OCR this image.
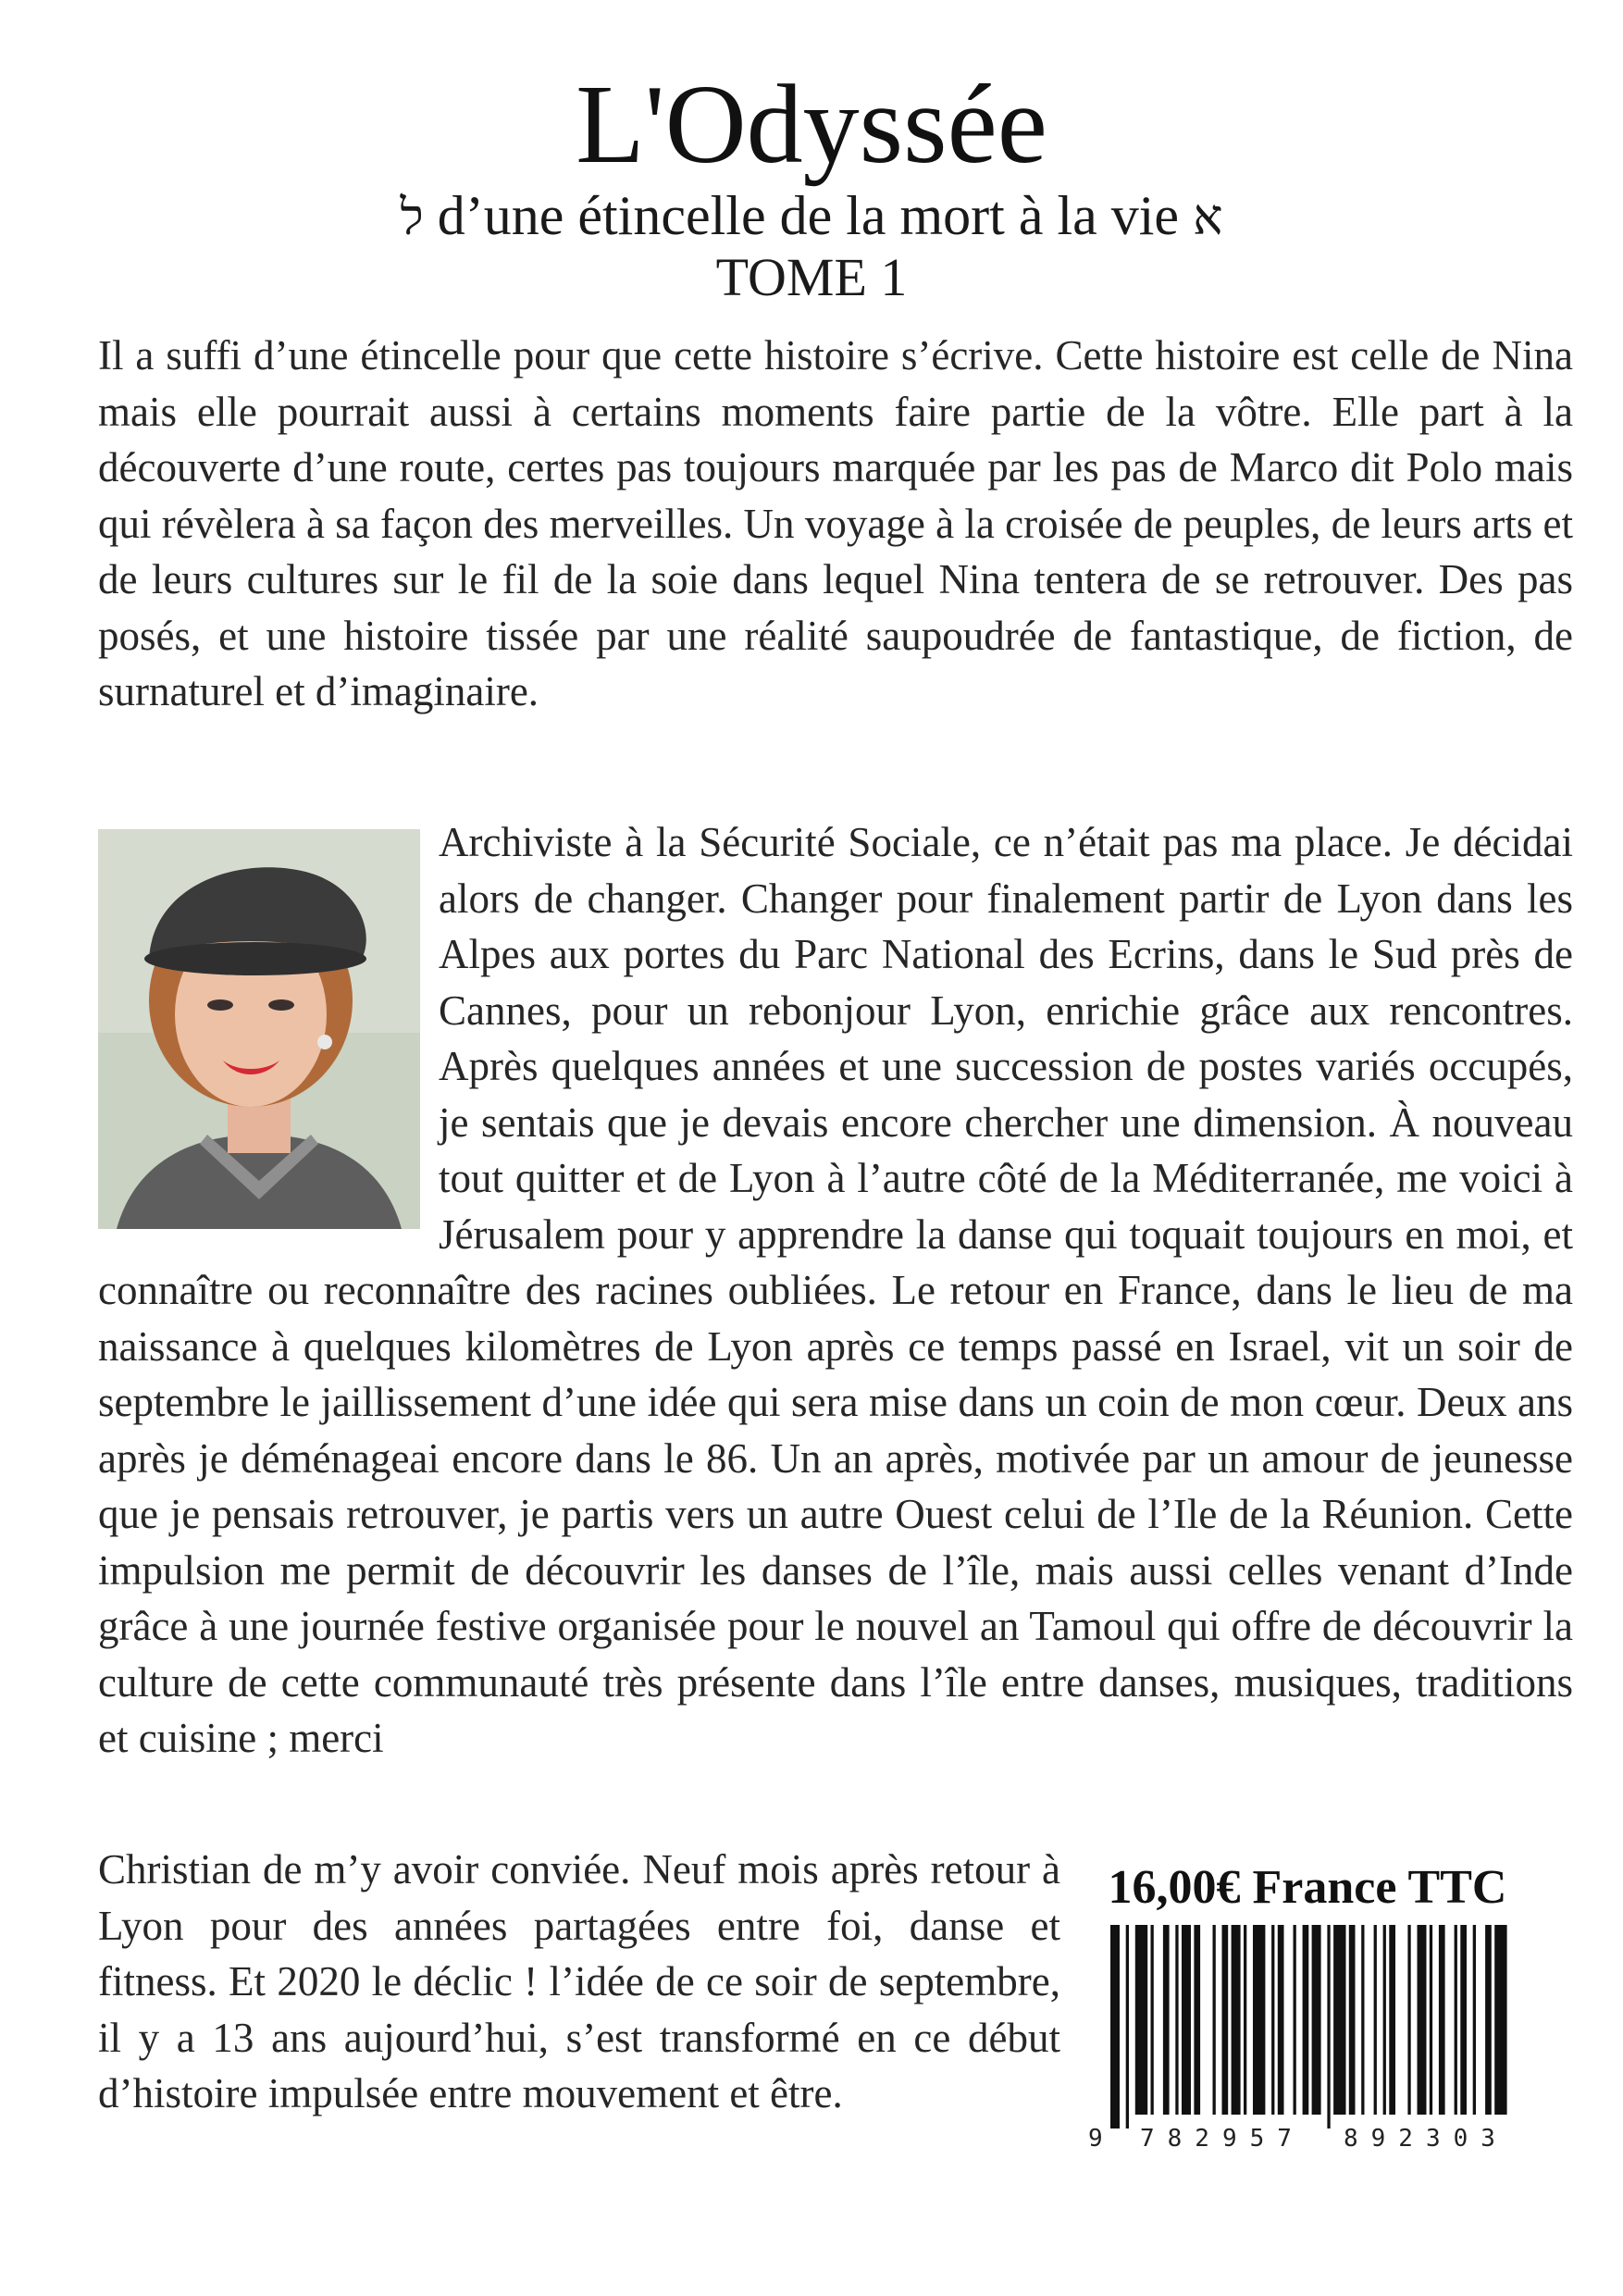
L'Odyssée
ל d’une étincelle de la mort à la vie א
TOME 1

Il a suffi d’une étincelle pour que cette histoire s’écrive. Cette histoire est celle de Nina mais elle pourrait aussi à certains moments faire partie de la vôtre. Elle part à la découverte d’une route, certes pas toujours marquée par les pas de Marco dit Polo mais qui révèlera à sa façon des merveilles. Un voyage à la croisée de peuples, de leurs arts et de leurs cultures sur le fil de la soie dans lequel Nina tentera de se retrouver. Des pas posés, et une histoire tissée par une réalité saupoudrée de fantastique, de fiction, de surnaturel et d’imaginaire.

Archiviste à la Sécurité Sociale, ce n’était pas ma place. Je décidai alors de changer. Changer pour finalement partir de Lyon dans les Alpes aux portes du Parc National des Ecrins, dans le Sud près de Cannes, pour un rebonjour Lyon, enrichie grâce aux rencontres. Après quelques années et une succession de postes variés occupés, je sentais que je devais encore chercher une dimension. À nouveau tout quitter et de Lyon à l’autre côté de la Méditerranée, me voici à Jérusalem pour y apprendre la danse qui toquait toujours en moi, et connaître ou reconnaître des racines oubliées. Le retour en France, dans le lieu de ma naissance à quelques kilomètres de Lyon après ce temps passé en Israel, vit un soir de septembre le jaillissement d’une idée qui sera mise dans un coin de mon cœur. Deux ans après je déménageai encore dans le 86. Un an après, motivée par un amour de jeunesse que je pensais retrouver, je partis vers un autre Ouest celui de l’Ile de la Réunion. Cette impulsion me permit de découvrir les danses de l’île, mais aussi celles venant d’Inde grâce à une journée festive organisée pour le nouvel an Tamoul qui offre de découvrir la culture de cette communauté très présente dans l’île entre danses, musiques, traditions et cuisine ; merci

Christian de m’y avoir conviée. Neuf mois après retour à Lyon pour des années partagées entre foi, danse et fitness. Et 2020 le déclic ! l’idée de ce soir de septembre, il y a 13 ans aujourd’hui, s’est transformé en ce début d’histoire impulsée entre mouvement et être.

16,00€ France TTC
9 782957 892303
